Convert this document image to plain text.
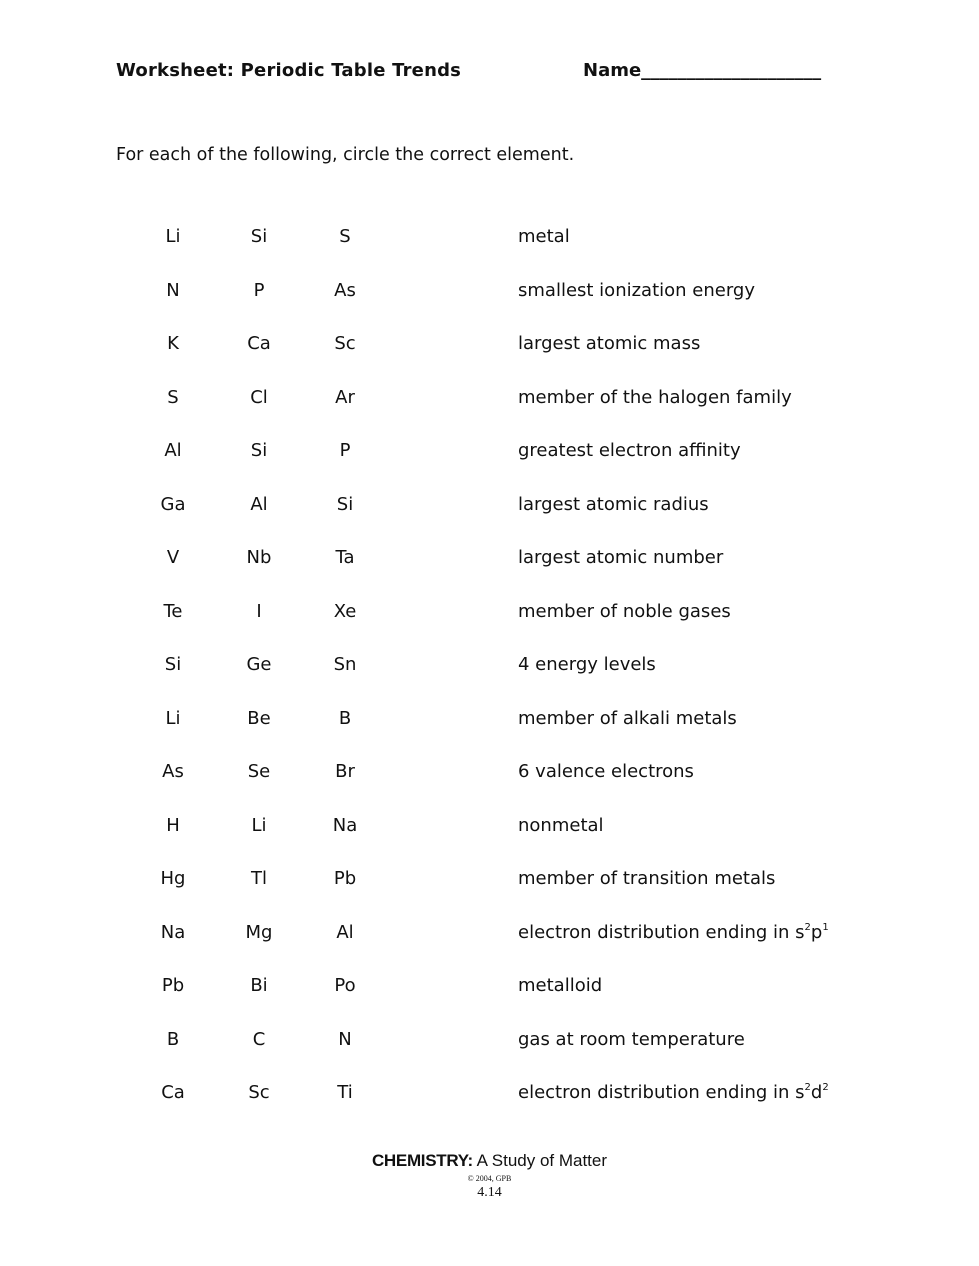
Worksheet: Periodic Table Trends	Name____________________
For each of the following, circle the correct element.
Li	Si	S	metal
N	P	As	smallest ionization energy
K	Ca	Sc	largest atomic mass
S	Cl	Ar	member of the halogen family
Al	Si	P	greatest electron affinity
Ga	Al	Si	largest atomic radius
V	Nb	Ta	largest atomic number
Te	I	Xe	member of noble gases
Si	Ge	Sn	4 energy levels
Li	Be	B	member of alkali metals
As	Se	Br	6 valence electrons
H	Li	Na	nonmetal
Hg	Tl	Pb	member of transition metals
Na	Mg	Al	electron distribution ending in $s^2p^1$
Pb	Bi	Po	metalloid
B	C	N	gas at room temperature
Ca	Sc	Ti	electron distribution ending in $s^2d^2$
CHEMISTRY: A Study of Matter
© 2004, GPB
4.14
